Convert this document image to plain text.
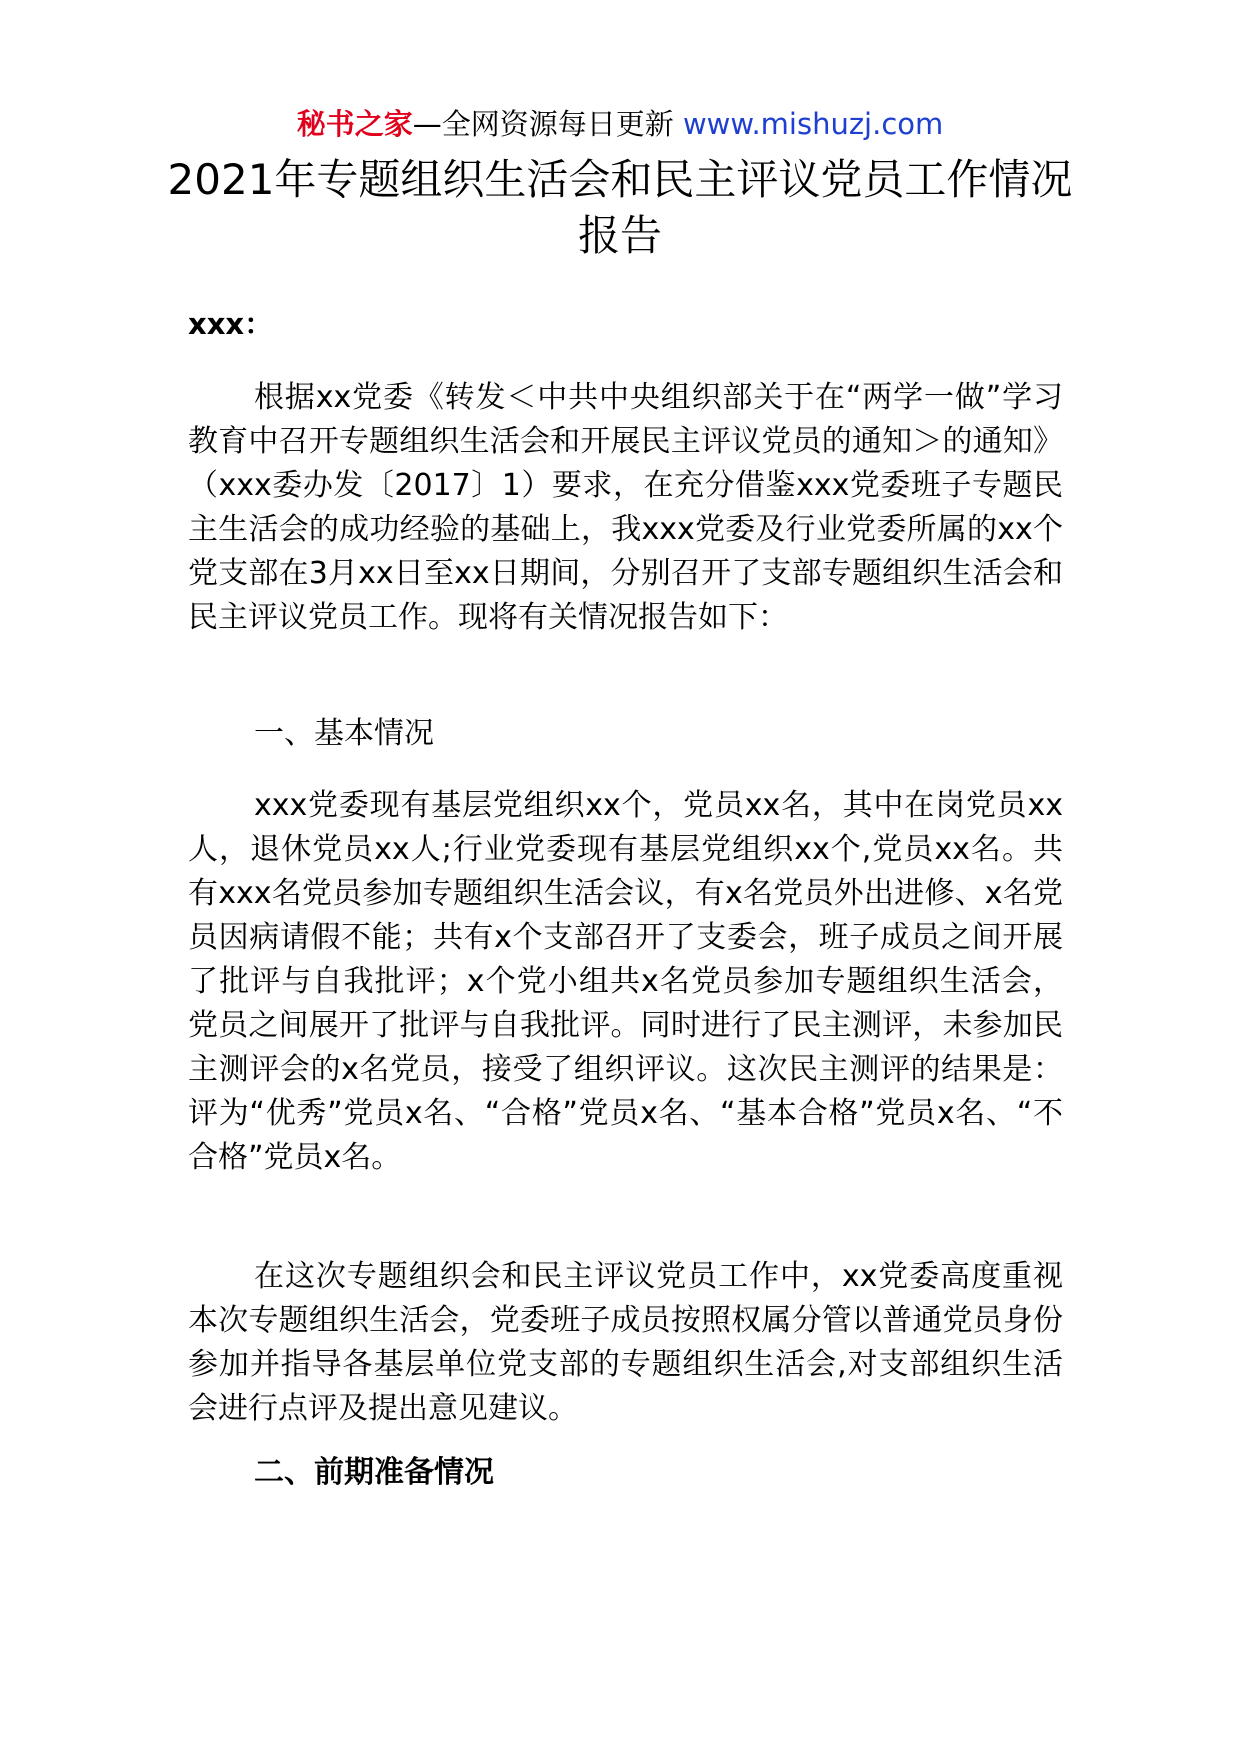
秘书之家—全网资源每日更新 www.mishuzj.com
2021年专题组织生活会和民主评议党员工作情况报告
xxx：
根据xx党委《转发＜中共中央组织部关于在“两学一做”学习教育中召开专题组织生活会和开展民主评议党员的通知＞的通知》（xxx委办发〔2017〕1）要求，在充分借鉴xxx党委班子专题民主生活会的成功经验的基础上，我xxx党委及行业党委所属的xx个党支部在3月xx日至xx日期间，分别召开了支部专题组织生活会和民主评议党员工作。现将有关情况报告如下：
一、基本情况
xxx党委现有基层党组织xx个，党员xx名，其中在岗党员xx人，退休党员xx人;行业党委现有基层党组织xx个,党员xx名。共有xxx名党员参加专题组织生活会议，有x名党员外出进修、x名党员因病请假不能；共有x个支部召开了支委会，班子成员之间开展了批评与自我批评；x个党小组共x名党员参加专题组织生活会，党员之间展开了批评与自我批评。同时进行了民主测评，未参加民主测评会的x名党员，接受了组织评议。这次民主测评的结果是：评为“优秀”党员x名、“合格”党员x名、“基本合格”党员x名、“不合格”党员x名。
在这次专题组织会和民主评议党员工作中，xx党委高度重视本次专题组织生活会，党委班子成员按照权属分管以普通党员身份参加并指导各基层单位党支部的专题组织生活会,对支部组织生活会进行点评及提出意见建议。
二、前期准备情况
